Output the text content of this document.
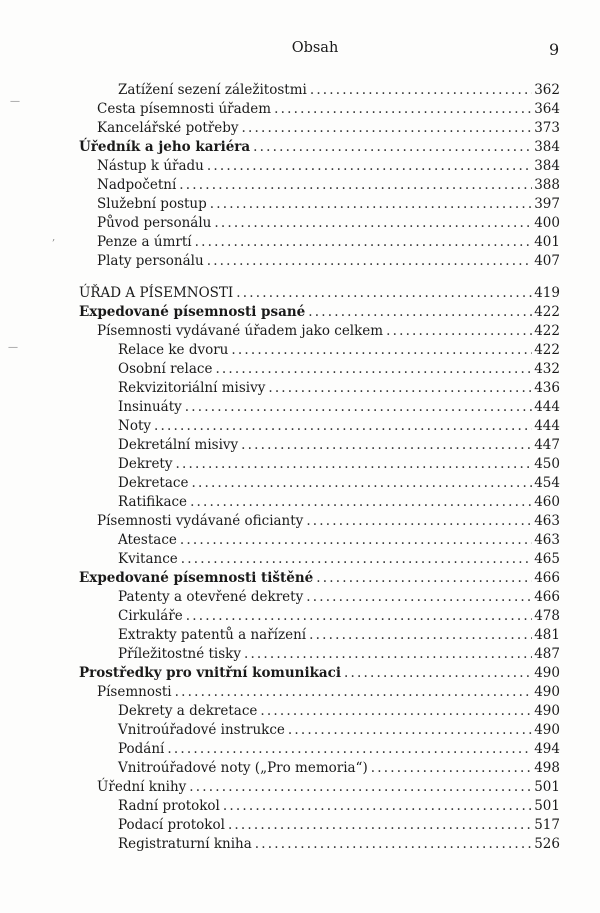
Obsah	9
—
‚
—
Zatížení sezení záležitostmi .....	362
Cesta písemnosti úřadem .....	364
Kancelářské potřeby .....	373
Úředník a jeho kariéra .....	384
Nástup k úřadu .....	384
Nadpočetní .....	388
Služební postup .....	397
Původ personálu .....	400
Penze a úmrtí .....	401
Platy personálu .....	407
ÚŘAD A PÍSEMNOSTI .....	419
Expedované písemnosti psané .....	422
Písemnosti vydávané úřadem jako celkem .....	422
Relace ke dvoru .....	422
Osobní relace .....	432
Rekvizitoriální misivy .....	436
Insinuáty .....	444
Noty .....	444
Dekretální misivy .....	447
Dekrety .....	450
Dekretace .....	454
Ratifikace .....	460
Písemnosti vydávané oficianty .....	463
Atestace .....	463
Kvitance .....	465
Expedované písemnosti tištěné .....	466
Patenty a otevřené dekrety .....	466
Cirkuláře .....	478
Extrakty patentů a nařízení .....	481
Příležitostné tisky .....	487
Prostředky pro vnitřní komunikaci .....	490
Písemnosti .....	490
Dekrety a dekretace .....	490
Vnitroúřadové instrukce .....	490
Podání .....	494
Vnitroúřadové noty („Pro memoria“) .....	498
Úřední knihy .....	501
Radní protokol .....	501
Podací protokol .....	517
Registraturní kniha .....	526
